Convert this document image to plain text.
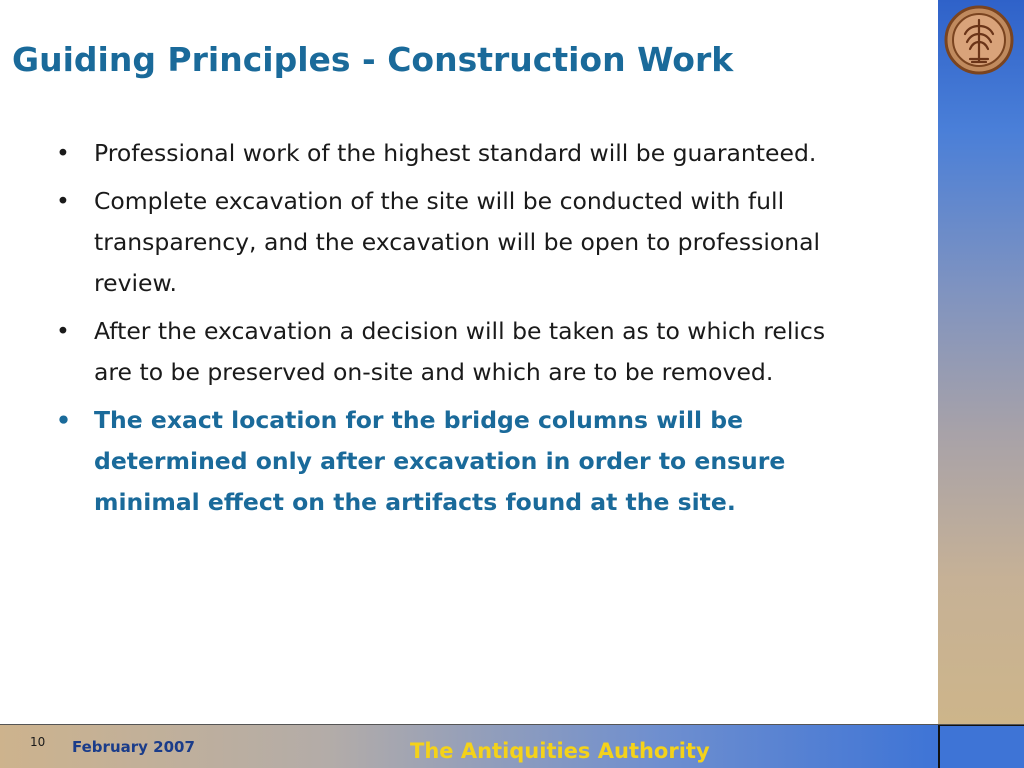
Guiding Principles - Construction Work
• Professional work of the highest standard will be guaranteed.
• Complete excavation of the site will be conducted with full transparency, and the excavation will be open to professional review.
• After the excavation a decision will be taken as to which relics are to be preserved on-site and which are to be removed.
• The exact location for the bridge columns will be determined only after excavation in order to ensure minimal effect on the artifacts found at the site.
10 February 2007	The Antiquities Authority
